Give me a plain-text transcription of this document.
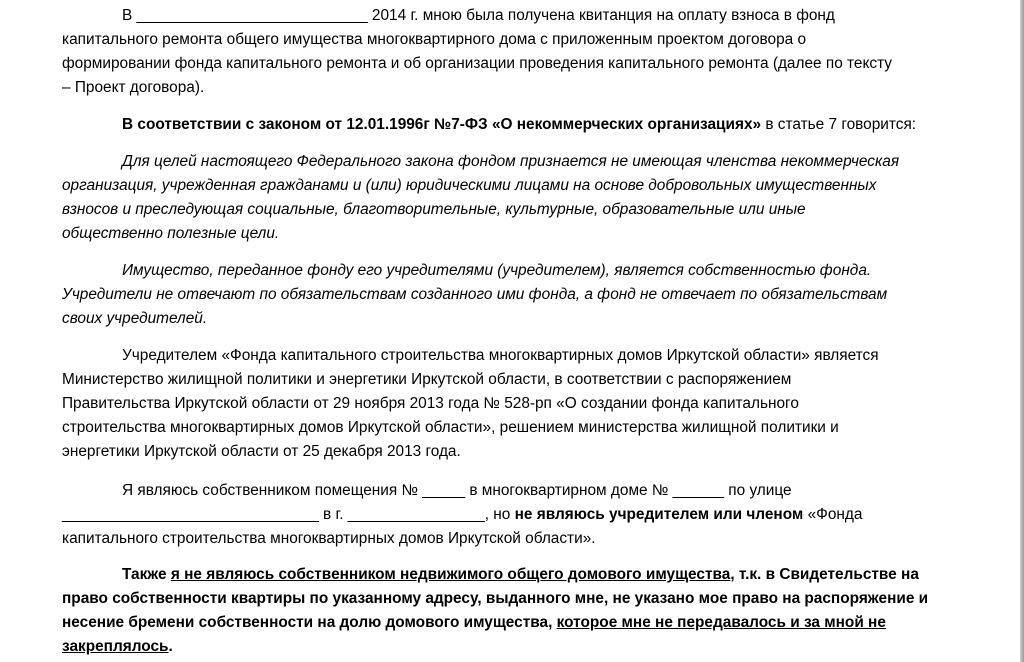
В ___________________________ 2014 г. мною была получена квитанция на оплату взноса в фонд
капитального ремонта общего имущества многоквартирного дома с приложенным проектом договора о
формировании фонда капитального ремонта и об организации проведения капитального ремонта (далее по тексту
– Проект договора).
В соответствии с законом от 12.01.1996г №7-ФЗ «О некоммерческих организациях» в статье 7 говорится:
Для целей настоящего Федерального закона фондом признается не имеющая членства некоммерческая
организация, учрежденная гражданами и (или) юридическими лицами на основе добровольных имущественных
взносов и преследующая социальные, благотворительные, культурные, образовательные или иные
общественно полезные цели.
Имущество, переданное фонду его учредителями (учредителем), является собственностью фонда.
Учредители не отвечают по обязательствам созданного ими фонда, а фонд не отвечает по обязательствам
своих учредителей.
Учредителем «Фонда капитального строительства многоквартирных домов Иркутской области» является
Министерство жилищной политики и энергетики Иркутской области, в соответствии с распоряжением
Правительства Иркутской области от 29 ноября 2013 года № 528-рп «О создании фонда капитального
строительства многоквартирных домов Иркутской области», решением министерства жилищной политики и
энергетики Иркутской области от 25 декабря 2013 года.
Я являюсь собственником помещения № _____ в многоквартирном доме № ______ по улице
______________________________ в г. ________________, но не являюсь учредителем или членом «Фонда
капитального строительства многоквартирных домов Иркутской области».
Также я не являюсь собственником недвижимого общего домового имущества, т.к. в Свидетельстве на
право собственности квартиры по указанному адресу, выданного мне, не указано мое право на распоряжение и
несение бремени собственности на долю домового имущества, которое мне не передавалось и за мной не
закреплялось.
